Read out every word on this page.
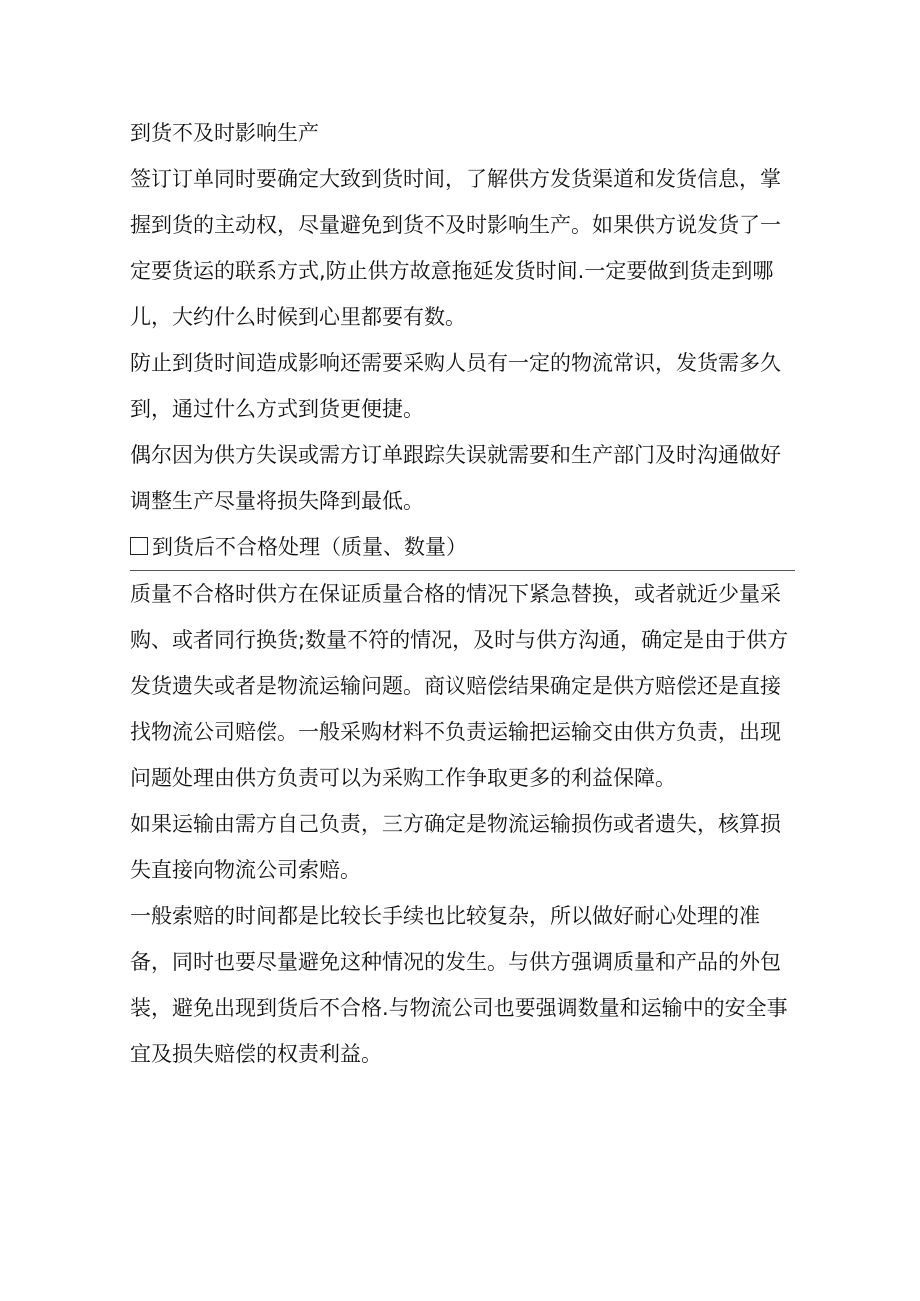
到货不及时影响生产

签订订单同时要确定大致到货时间，了解供方发货渠道和发货信息，掌握到货的主动权，尽量避免到货不及时影响生产。如果供方说发货了一定要货运的联系方式,防止供方故意拖延发货时间.一定要做到货走到哪儿，大约什么时候到心里都要有数。

防止到货时间造成影响还需要采购人员有一定的物流常识，发货需多久到，通过什么方式到货更便捷。

偶尔因为供方失误或需方订单跟踪失误就需要和生产部门及时沟通做好调整生产尽量将损失降到最低。

到货后不合格处理（质量、数量）

质量不合格时供方在保证质量合格的情况下紧急替换，或者就近少量采购、或者同行换货;数量不符的情况，及时与供方沟通，确定是由于供方发货遗失或者是物流运输问题。商议赔偿结果确定是供方赔偿还是直接找物流公司赔偿。一般采购材料不负责运输把运输交由供方负责，出现问题处理由供方负责可以为采购工作争取更多的利益保障。

如果运输由需方自己负责，三方确定是物流运输损伤或者遗失，核算损失直接向物流公司索赔。

一般索赔的时间都是比较长手续也比较复杂，所以做好耐心处理的准备，同时也要尽量避免这种情况的发生。与供方强调质量和产品的外包装，避免出现到货后不合格.与物流公司也要强调数量和运输中的安全事宜及损失赔偿的权责利益。
